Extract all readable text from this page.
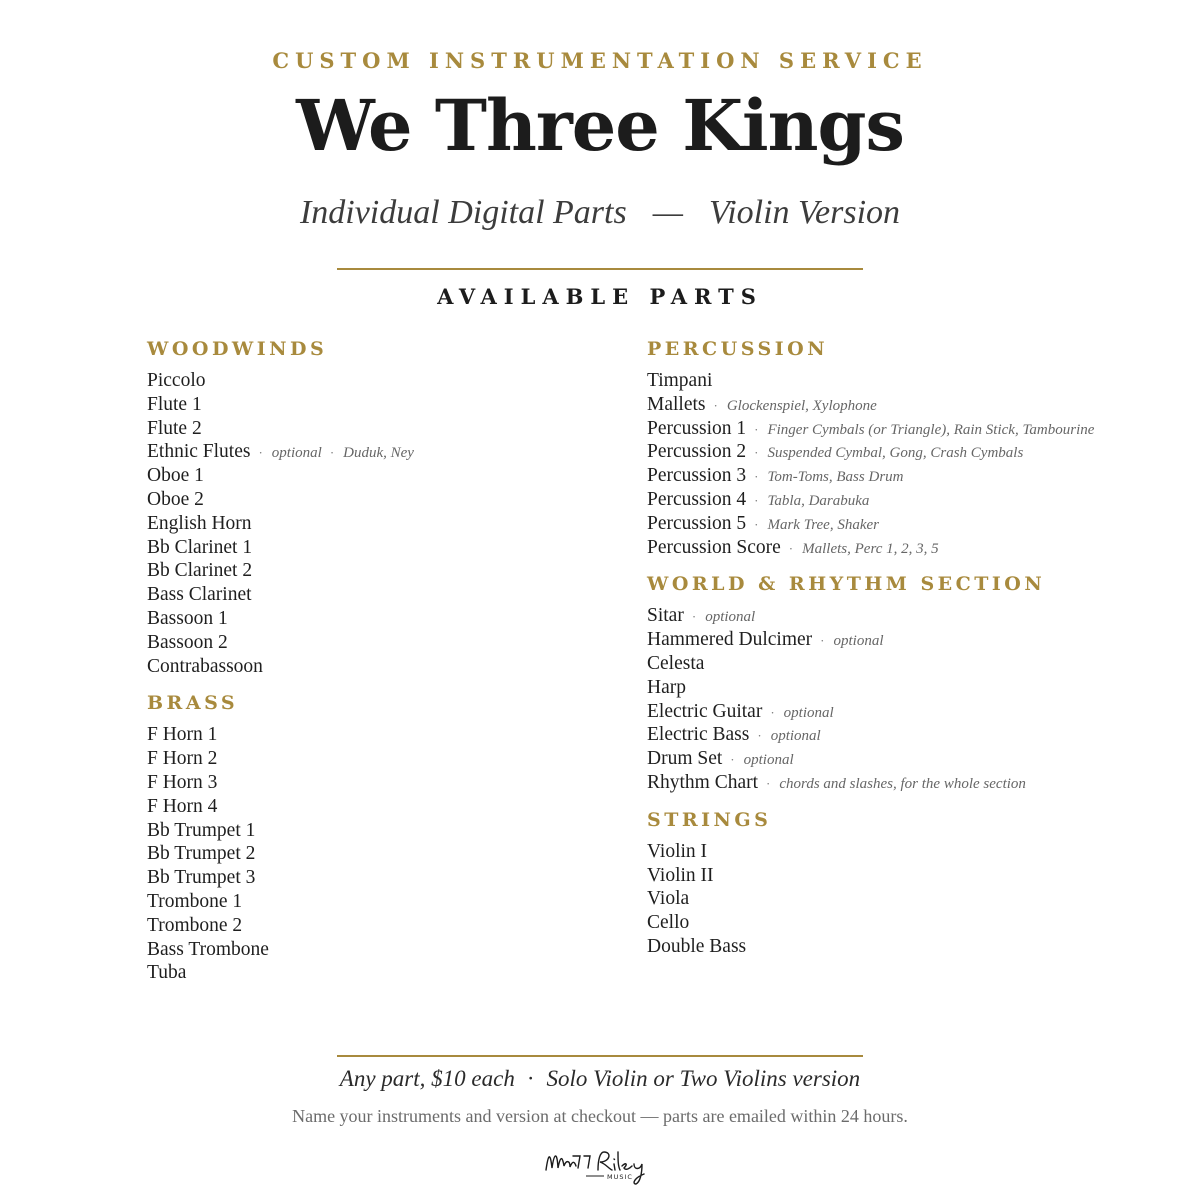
CUSTOM INSTRUMENTATION SERVICE
We Three Kings
Individual Digital Parts — Violin Version
AVAILABLE PARTS
WOODWINDS
Piccolo
Flute 1
Flute 2
Ethnic Flutes · optional · Duduk, Ney
Oboe 1
Oboe 2
English Horn
Bb Clarinet 1
Bb Clarinet 2
Bass Clarinet
Bassoon 1
Bassoon 2
Contrabassoon
BRASS
F Horn 1
F Horn 2
F Horn 3
F Horn 4
Bb Trumpet 1
Bb Trumpet 2
Bb Trumpet 3
Trombone 1
Trombone 2
Bass Trombone
Tuba
PERCUSSION
Timpani
Mallets · Glockenspiel, Xylophone
Percussion 1 · Finger Cymbals (or Triangle), Rain Stick, Tambourine
Percussion 2 · Suspended Cymbal, Gong, Crash Cymbals
Percussion 3 · Tom-Toms, Bass Drum
Percussion 4 · Tabla, Darabuka
Percussion 5 · Mark Tree, Shaker
Percussion Score · Mallets, Perc 1, 2, 3, 5
WORLD & RHYTHM SECTION
Sitar · optional
Hammered Dulcimer · optional
Celesta
Harp
Electric Guitar · optional
Electric Bass · optional
Drum Set · optional
Rhythm Chart · chords and slashes, for the whole section
STRINGS
Violin I
Violin II
Viola
Cello
Double Bass
Any part, $10 each · Solo Violin or Two Violins version
Name your instruments and version at checkout — parts are emailed within 24 hours.
MUSIC
